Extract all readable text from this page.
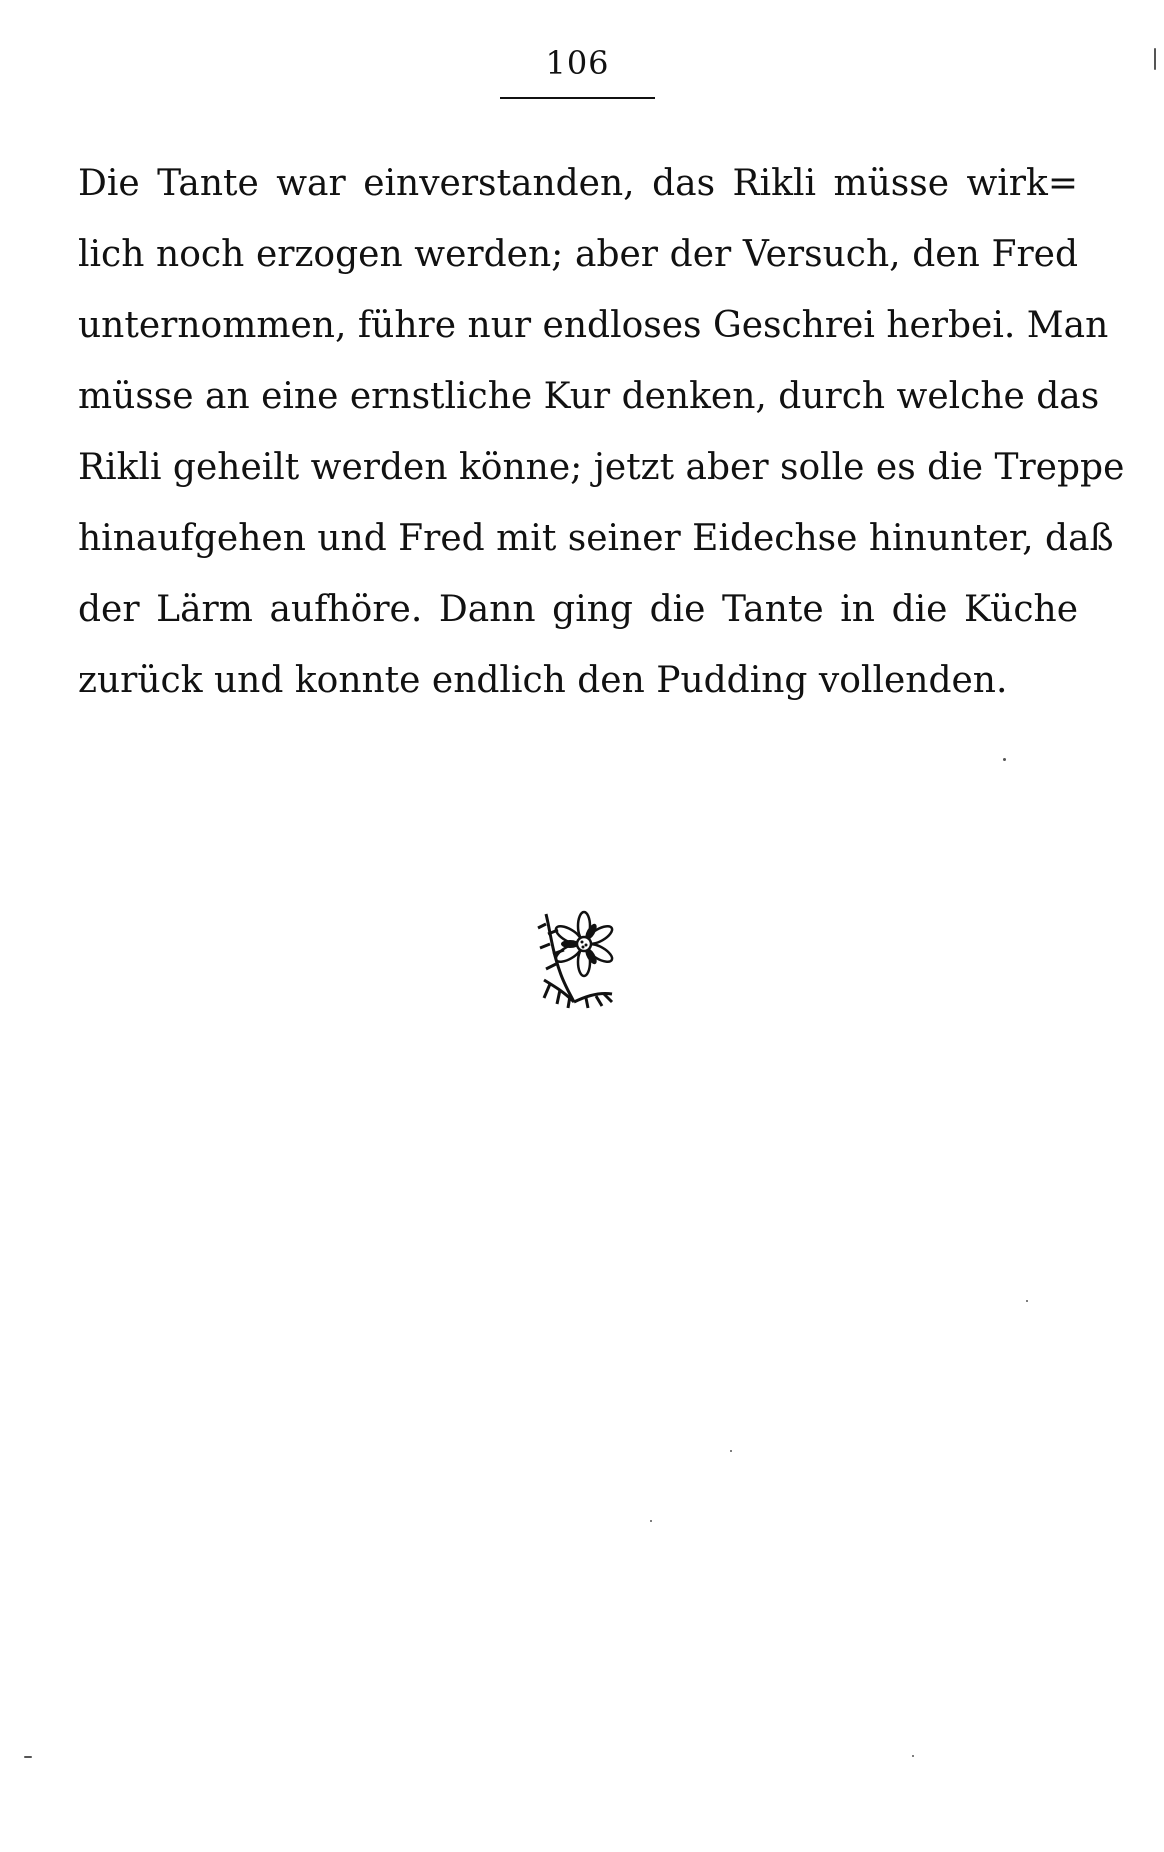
106
Die Tante war einverstanden, das Rikli müsse wirk=
lich noch erzogen werden; aber der Versuch, den Fred
unternommen, führe nur endloses Geschrei herbei. Man
müsse an eine ernstliche Kur denken, durch welche das
Rikli geheilt werden könne; jetzt aber solle es die Treppe
hinaufgehen und Fred mit seiner Eidechse hinunter, daß
der Lärm aufhöre. Dann ging die Tante in die Küche
zurück und konnte endlich den Pudding vollenden.
